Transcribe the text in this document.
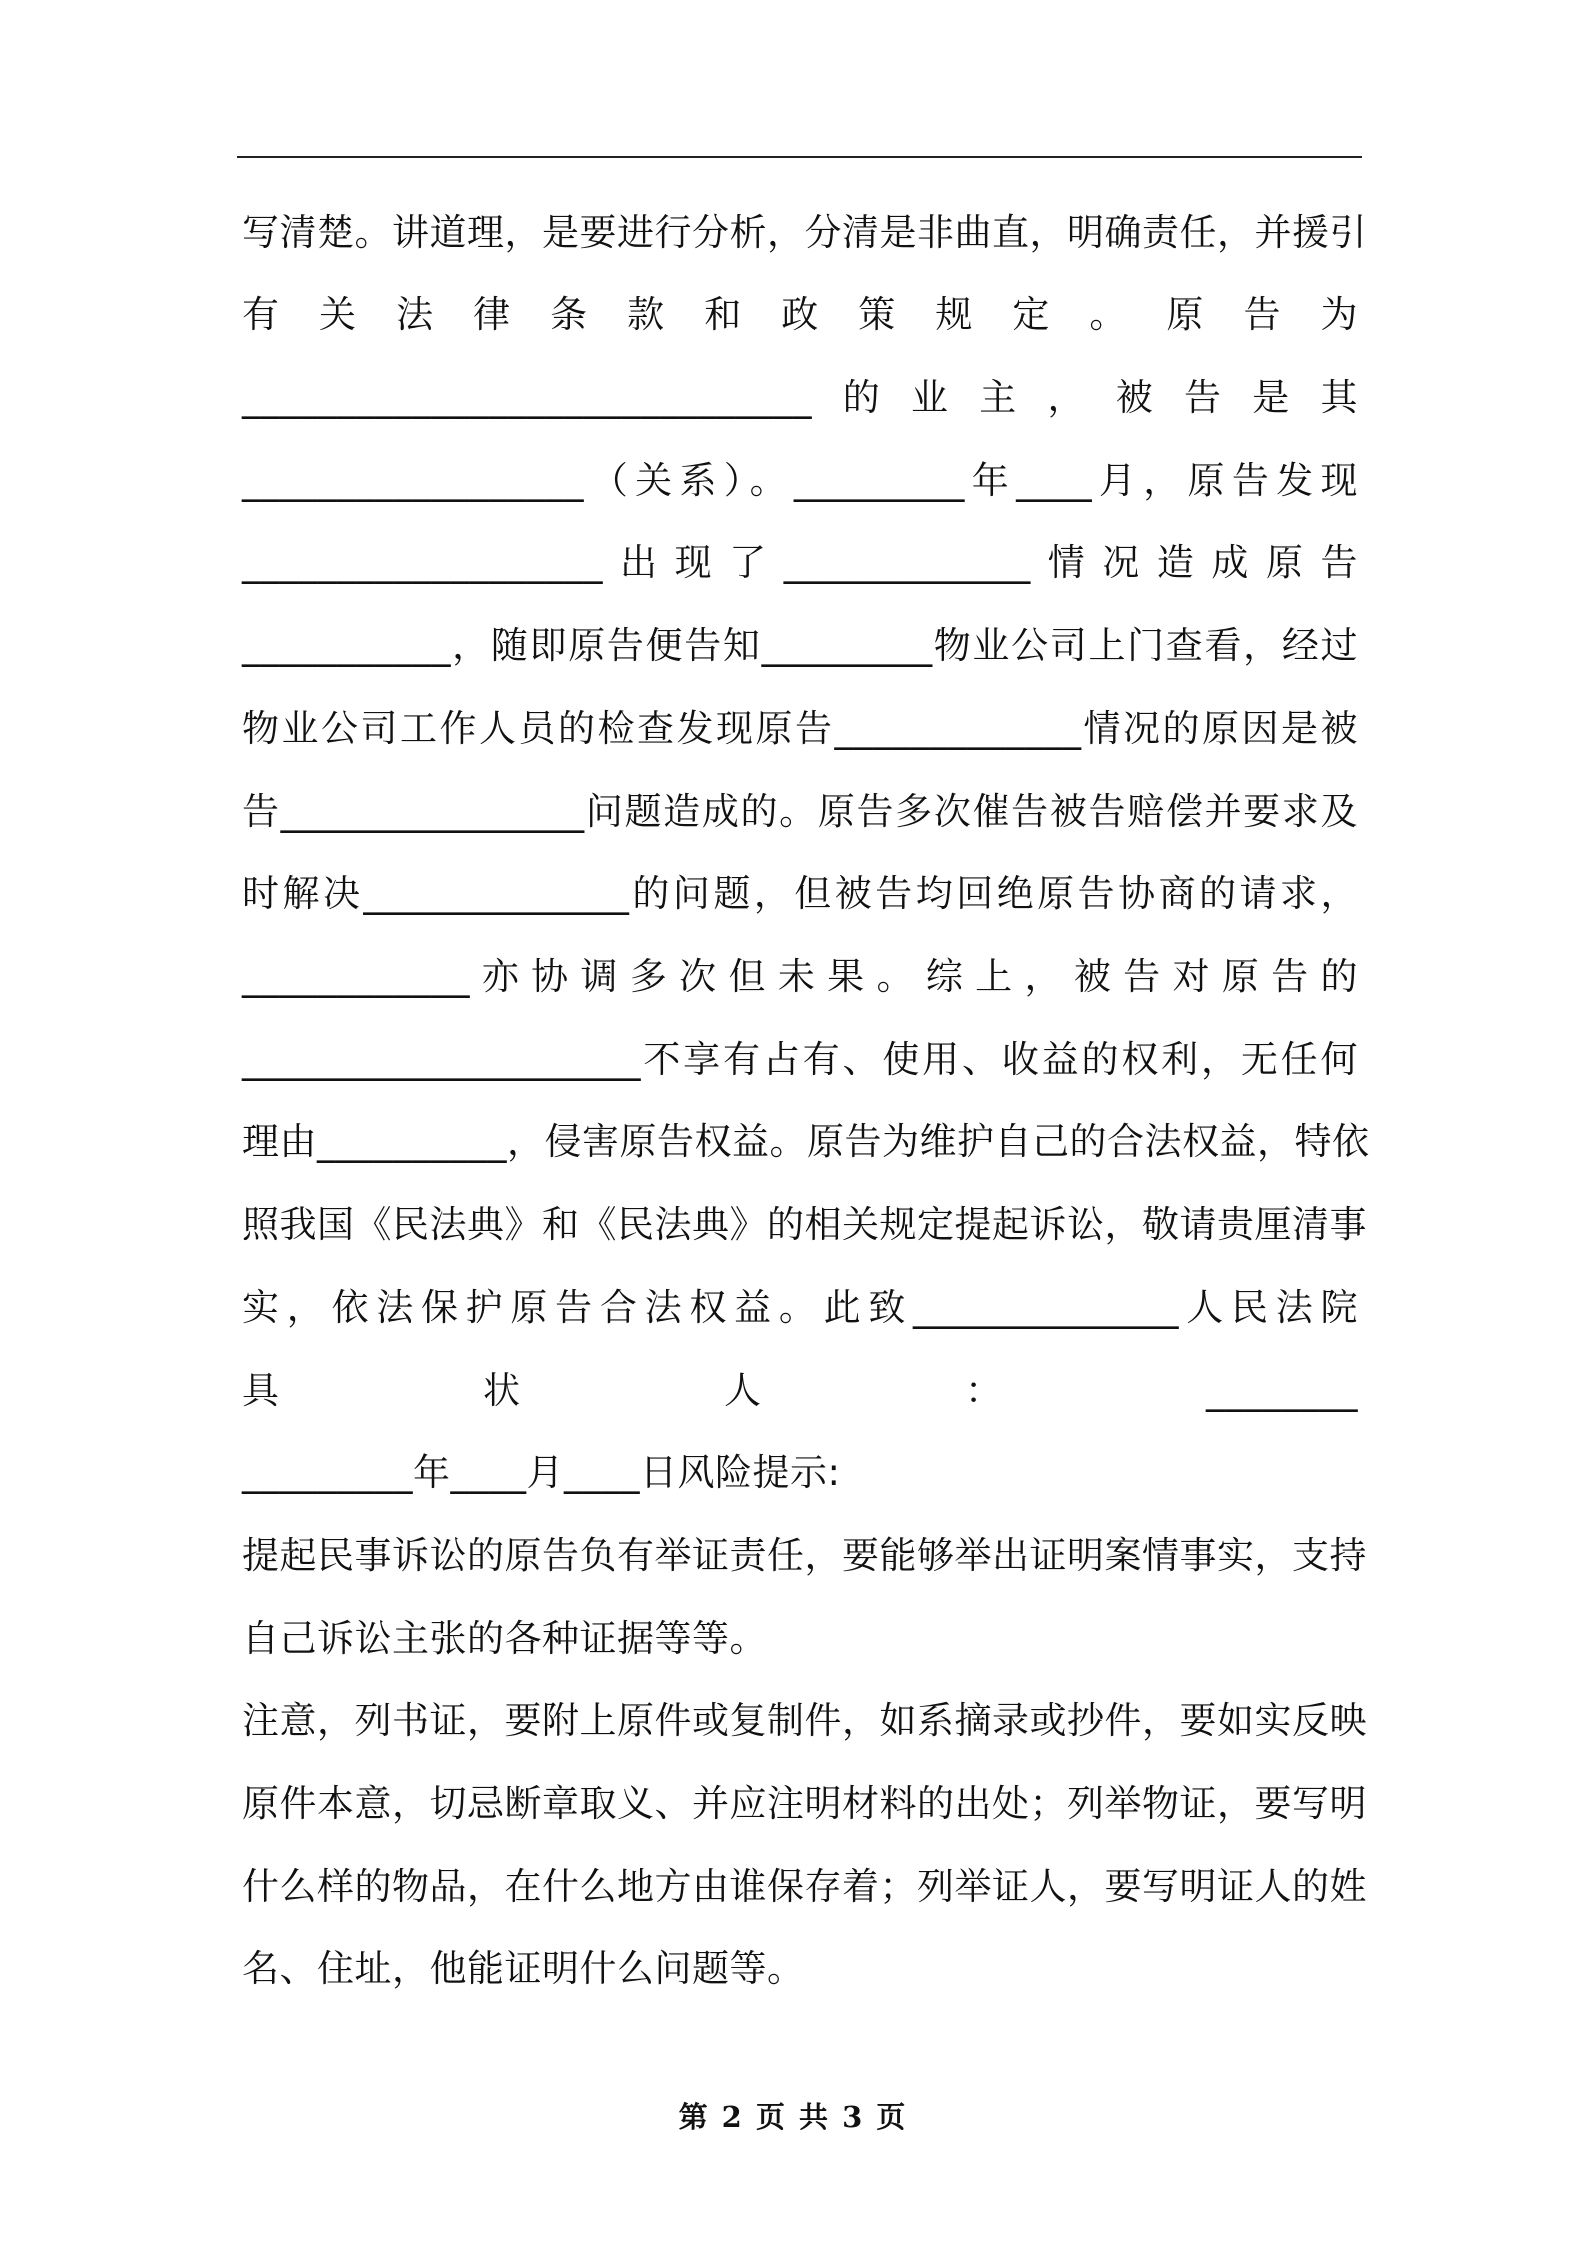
写清楚。讲道理，是要进行分析，分清是非曲直，明确责任，并援引
有关法律条款和政策规定。原告为
______________________________的业主，被告是其
__________________（关系）。_________年____月，原告发现
___________________出现了_____________情况造成原告
___________，随即原告便告知_________物业公司上门查看，经过
物业公司工作人员的检查发现原告_____________情况的原因是被
告________________问题造成的。原告多次催告被告赔偿并要求及
时解决______________的问题，但被告均回绝原告协商的请求，
____________亦协调多次但未果。综上，被告对原告的
_____________________不享有占有、使用、收益的权利，无任何
理由__________，侵害原告权益。原告为维护自己的合法权益，特依
照我国《民法典》和《民法典》的相关规定提起诉讼，敬请贵厘清事
实，依法保护原告合法权益。此致______________人民法院
具状人：________
_________年____月____日风险提示:
提起民事诉讼的原告负有举证责任，要能够举出证明案情事实，支持
自己诉讼主张的各种证据等等。
注意，列书证，要附上原件或复制件，如系摘录或抄件，要如实反映
原件本意，切忌断章取义、并应注明材料的出处；列举物证，要写明
什么样的物品，在什么地方由谁保存着；列举证人，要写明证人的姓
名、住址，他能证明什么问题等。
第 2 页 共 3 页
